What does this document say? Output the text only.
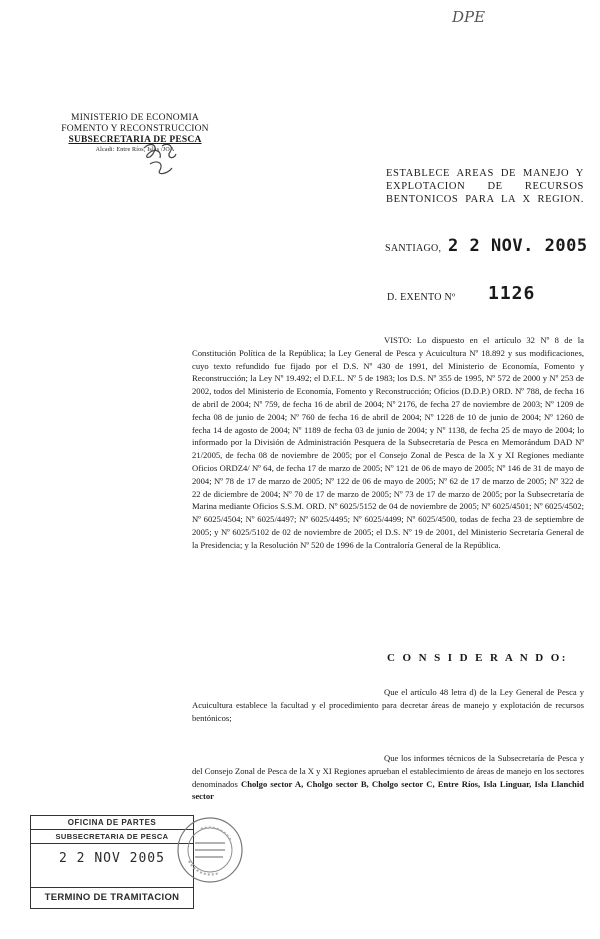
DPE
MINISTERIO DE ECONOMIA
FOMENTO Y RECONSTRUCCION
SUBSECRETARIA DE PESCA
Alcadi: Entre Ríos, Islas /JOA
ESTABLECE AREAS DE MANEJO Y
EXPLOTACION DE RECURSOS
BENTONICOS PARA LA X REGION.
SANTIAGO, 2 2 NOV. 2005
D. EXENTO Nº 1126
VISTO: Lo dispuesto en el artículo 32 Nº 8 de la Constitución Política de la República; la Ley General de Pesca y Acuicultura Nº 18.892 y sus modificaciones, cuyo texto refundido fue fijado por el D.S. Nº 430 de 1991, del Ministerio de Economía, Fomento y Reconstrucción; la Ley Nº 19.492; el D.F.L. Nº 5 de 1983; los D.S. Nº 355 de 1995, Nº 572 de 2000 y Nº 253 de 2002, todos del Ministerio de Economía, Fomento y Reconstrucción; Oficios (D.D.P.) ORD. Nº 788, de fecha 16 de abril de 2004; Nº 759, de fecha 16 de abril de 2004; Nº 2176, de fecha 27 de noviembre de 2003; Nº 1209 de fecha 08 de junio de 2004; Nº 760 de fecha 16 de abril de 2004; Nº 1228 de 10 de junio de 2004; Nº 1260 de fecha 14 de agosto de 2004; Nº 1189 de fecha 03 de junio de 2004; y Nº 1138, de fecha 25 de mayo de 2004; lo informado por la División de Administración Pesquera de la Subsecretaría de Pesca en Memorándum DAD Nº 21/2005, de fecha 08 de noviembre de 2005; por el Consejo Zonal de Pesca de la X y XI Regiones mediante Oficios ORDZ4/ Nº 64, de fecha 17 de marzo de 2005; Nº 121 de 06 de mayo de 2005; Nº 146 de 31 de mayo de 2004; Nº 78 de 17 de marzo de 2005; Nº 122 de 06 de mayo de 2005; Nº 62 de 17 de marzo de 2005; Nº 322 de 22 de diciembre de 2004; Nº 70 de 17 de marzo de 2005; Nº 73 de 17 de marzo de 2005; por la Subsecretaría de Marina mediante Oficios S.S.M. ORD. Nº 6025/5152 de 04 de noviembre de 2005; Nº 6025/4501; Nº 6025/4502; Nº 6025/4504; Nº 6025/4497; Nº 6025/4495; Nº 6025/4499; Nº 6025/4500, todas de fecha 23 de septiembre de 2005; y Nº 6025/5102 de 02 de noviembre de 2005; el D.S. Nº 19 de 2001, del Ministerio Secretaría General de la Presidencia; y la Resolución Nº 520 de 1996 de la Contraloría General de la República.
C O N S I D E R A N D O:
Que el artículo 48 letra d) de la Ley General de Pesca y Acuicultura establece la facultad y el procedimiento para decretar áreas de manejo y explotación de recursos bentónicos;
Que los informes técnicos de la Subsecretaría de Pesca y del Consejo Zonal de Pesca de la X y XI Regiones aprueban el establecimiento de áreas de manejo en los sectores denominados Cholgo sector A, Cholgo sector B, Cholgo sector C, Entre Ríos, Isla Linguar, Isla Llanchid sector
OFICINA DE PARTES
SUBSECRETARIA DE PESCA
2 2 NOV 2005
TERMINO DE TRAMITACION
